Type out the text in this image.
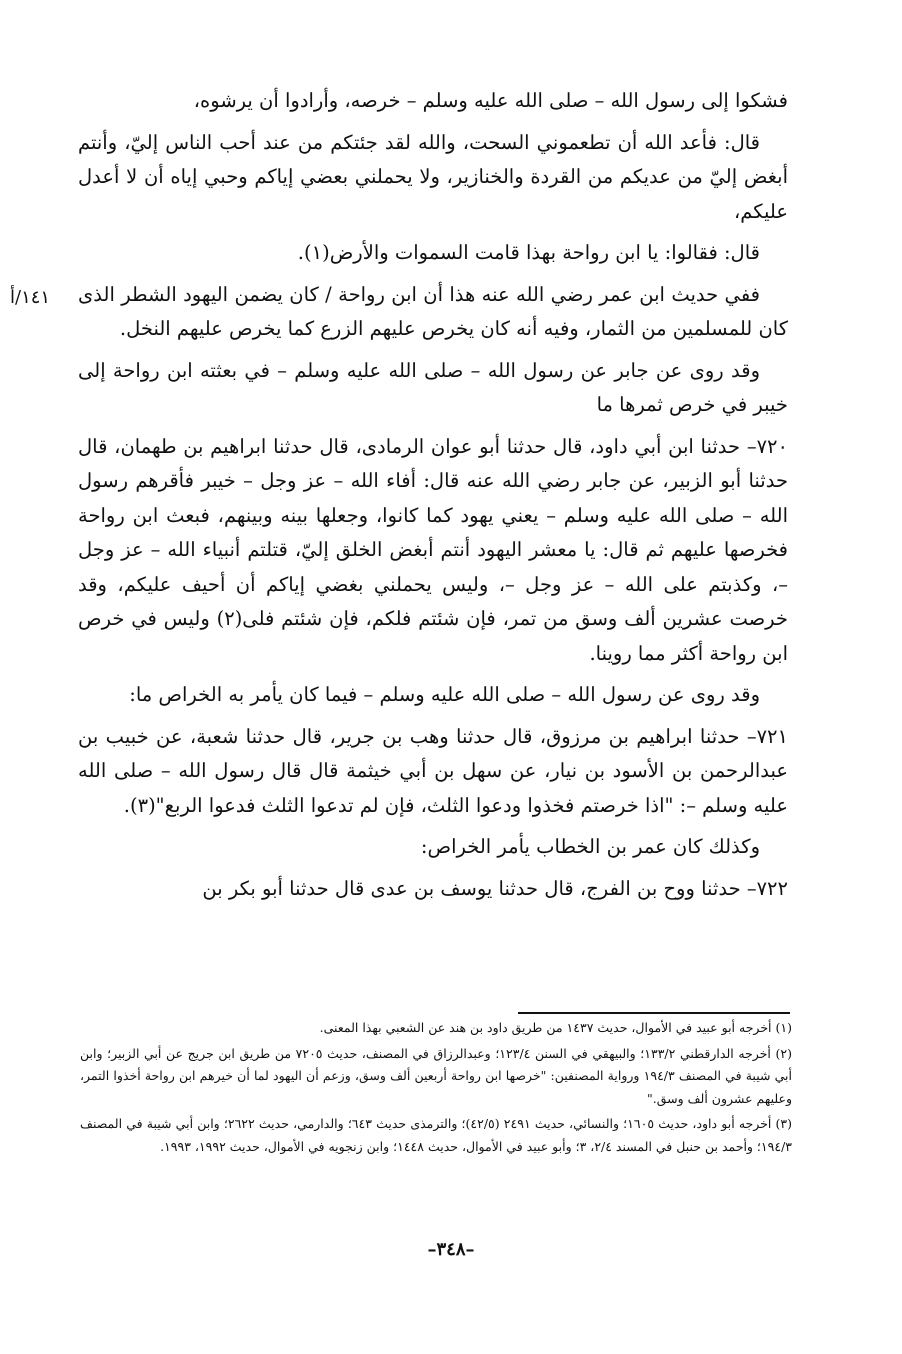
١٤١/أ

فشكوا إلى رسول الله – صلى الله عليه وسلم – خرصه، وأرادوا أن يرشوه،

قال: فأعد الله أن تطعموني السحت، والله لقد جئتكم من عند أحب الناس إليّ، وأنتم أبغض إليّ من عديكم من القردة والخنازير، ولا يحملني بعضي إياكم وحبي إياه أن لا أعدل عليكم،

قال: فقالوا: يا ابن رواحة بهذا قامت السموات والأرض(١).

ففي حديث ابن عمر رضي الله عنه هذا أن ابن رواحة / كان يضمن اليهود الشطر الذى كان للمسلمين من الثمار، وفيه أنه كان يخرص عليهم الزرع كما يخرص عليهم النخل.

وقد روى عن جابر عن رسول الله – صلى الله عليه وسلم – في بعثته ابن رواحة إلى خيبر في خرص ثمرها ما

٧٢٠– حدثنا ابن أبي داود، قال حدثنا أبو عوان الرمادى، قال حدثنا ابراهيم بن طهمان، قال حدثنا أبو الزبير، عن جابر رضي الله عنه قال: أفاء الله – عز وجل – خيبر فأقرهم رسول الله – صلى الله عليه وسلم – يعني يهود كما كانوا، وجعلها بينه وبينهم، فبعث ابن رواحة فخرصها عليهم ثم قال: يا معشر اليهود أنتم أبغض الخلق إليّ، قتلتم أنبياء الله – عز وجل –، وكذبتم على الله – عز وجل –، وليس يحملني بغضي إياكم أن أحيف عليكم، وقد خرصت عشرين ألف وسق من تمر، فإن شئتم فلكم، فإن شئتم فلى(٢) وليس في خرص ابن رواحة أكثر مما روينا.

وقد روى عن رسول الله – صلى الله عليه وسلم – فيما كان يأمر به الخراص ما:

٧٢١– حدثنا ابراهيم بن مرزوق، قال حدثنا وهب بن جرير، قال حدثنا شعبة، عن خبيب بن عبدالرحمن بن الأسود بن نيار، عن سهل بن أبي خيثمة قال قال رسول الله – صلى الله عليه وسلم –: "اذا خرصتم فخذوا ودعوا الثلث، فإن لم تدعوا الثلث فدعوا الربع"(٣).

وكذلك كان عمر بن الخطاب يأمر الخراص:

٧٢٢– حدثنا ووح بن الفرج، قال حدثنا يوسف بن عدى قال حدثنا أبو بكر بن

(١) أخرجه أبو عبيد في الأموال، حديث ١٤٣٧ من طريق داود بن هند عن الشعبي بهذا المعنى.

(٢) أخرجه الدارقطني ١٣٣/٢؛ والبيهقي في السنن ١٢٣/٤؛ وعبدالرزاق في المصنف، حديث ٧٢٠٥ من طريق ابن جريج عن أبي الزبير؛ وابن أبي شيبة في المصنف ١٩٤/٣ ورواية المصنفين: "خرصها ابن رواحة أربعين ألف وسق، وزعم أن اليهود لما أن خيرهم ابن رواحة أخذوا التمر، وعليهم عشرون ألف وسق."

(٣) أخرجه أبو داود، حديث ١٦٠٥؛ والنسائي، حديث ٢٤٩١ (٤٢/٥)؛ والترمذى حديث ٦٤٣؛ والدارمي، حديث ٢٦٢٢؛ وابن أبي شيبة في المصنف ١٩٤/٣؛ وأحمد بن حنبل في المسند ٢/٤، ٣؛ وأبو عبيد في الأموال، حديث ١٤٤٨؛ وابن زنجويه في الأموال، حديث ١٩٩٢، ١٩٩٣.

–٣٤٨–
